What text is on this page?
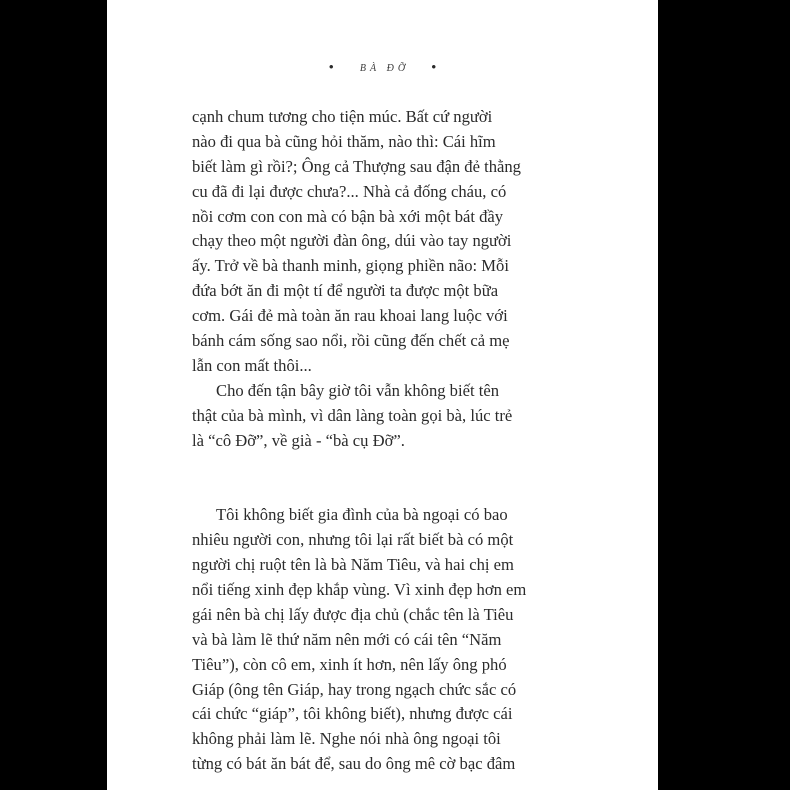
•	BÀ ĐỠ •
cạnh chum tương cho tiện múc. Bất cứ người
nào đi qua bà cũng hỏi thăm, nào thì: Cái hĩm
biết làm gì rồi?; Ông cả Thượng sau đận đẻ thằng
cu đã đi lại được chưa?... Nhà cả đống cháu, có
nồi cơm con con mà có bận bà xới một bát đầy
chạy theo một người đàn ông, dúi vào tay người
ấy. Trở về bà thanh minh, giọng phiền não: Mỗi
đứa bớt ăn đi một tí để người ta được một bữa
cơm. Gái đẻ mà toàn ăn rau khoai lang luộc với
bánh cám sống sao nổi, rồi cũng đến chết cả mẹ
lẫn con mất thôi...
Cho đến tận bây giờ tôi vẫn không biết tên
thật của bà mình, vì dân làng toàn gọi bà, lúc trẻ
là “cô Đỡ”, về già - “bà cụ Đỡ”.
Tôi không biết gia đình của bà ngoại có bao
nhiêu người con, nhưng tôi lại rất biết bà có một
người chị ruột tên là bà Năm Tiêu, và hai chị em
nổi tiếng xinh đẹp khắp vùng. Vì xinh đẹp hơn em
gái nên bà chị lấy được địa chủ (chắc tên là Tiêu
và bà làm lẽ thứ năm nên mới có cái tên “Năm
Tiêu”), còn cô em, xinh ít hơn, nên lấy ông phó
Giáp (ông tên Giáp, hay trong ngạch chức sắc có
cái chức “giáp”, tôi không biết), nhưng được cái
không phải làm lẽ. Nghe nói nhà ông ngoại tôi
từng có bát ăn bát để, sau do ông mê cờ bạc đâm
